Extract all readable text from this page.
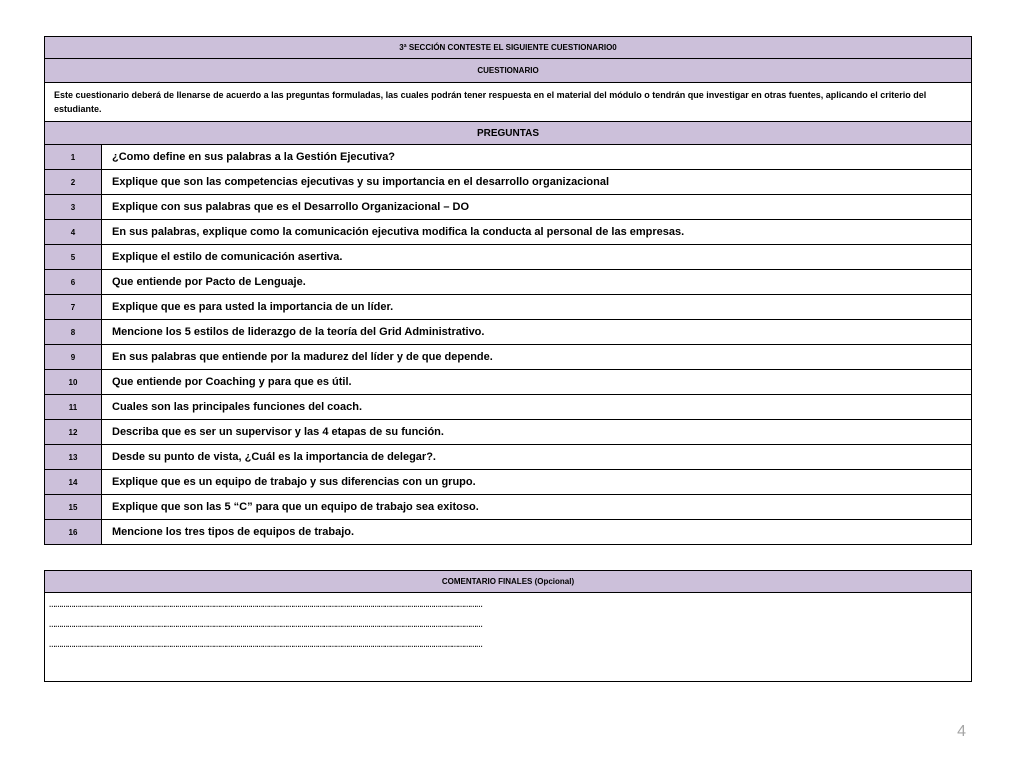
3ª SECCIÓN CONTESTE EL SIGUIENTE CUESTIONARIO0	
CUESTIONARIO	
Este cuestionario deberá de llenarse de acuerdo a las preguntas formuladas, las cuales podrán tener respuesta en el material del módulo o tendrán que investigar en otras fuentes, aplicando el criterio del estudiante.	
PREGUNTAS	
1	¿Como define en sus palabras a la Gestión Ejecutiva?
2	Explique que son las competencias ejecutivas y su importancia en el desarrollo organizacional
3	Explique con sus palabras que es el Desarrollo Organizacional – DO
4	En sus palabras, explique como la comunicación ejecutiva modifica la conducta al personal de las empresas.
5	Explique el estilo de comunicación asertiva.
6	Que entiende por Pacto de Lenguaje.
7	Explique que es para usted la importancia de un líder.
8	Mencione los 5 estilos de liderazgo de la teoría del Grid Administrativo.
9	En sus palabras que entiende por la madurez del líder y de que depende.
10	Que entiende por Coaching y para que es útil.
11	Cuales son las principales funciones del coach.
12	Describa que es ser un supervisor y las 4 etapas de su función.
13	Desde su punto de vista, ¿Cuál es la importancia de delegar?.
14	Explique que es un equipo de trabajo y sus diferencias con un grupo.
15	Explique que son las 5 “C” para que un equipo de trabajo sea exitoso.
16	Mencione los tres tipos de equipos de trabajo.
COMENTARIO FINALES (Opcional)

……………………………………………………………………………………………………………………………………………………………………………………………
……………………………………………………………………………………………………………………………………………………………………………………………
……………………………………………………………………………………………………………………………………………………………………………………………
4
